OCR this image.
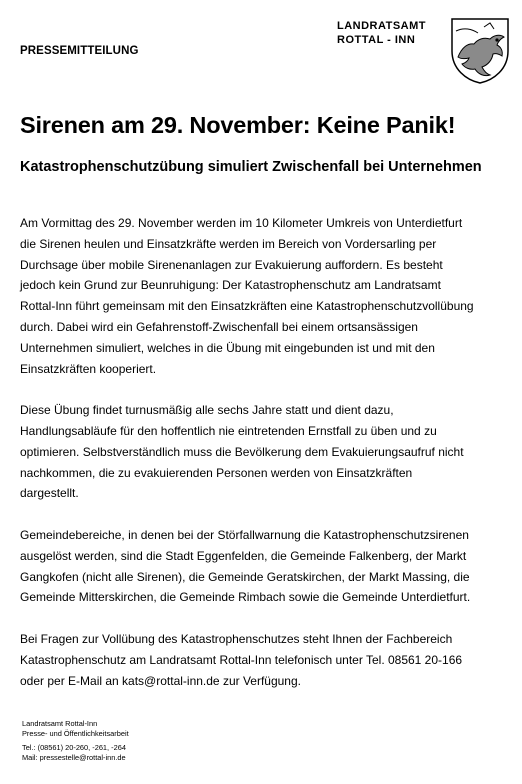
PRESSEMITTEILUNG
LANDRATSAMT
ROTTAL - INN
Sirenen am 29. November: Keine Panik!
Katastrophenschutzübung simuliert Zwischenfall bei Unternehmen

Am Vormittag des 29. November werden im 10 Kilometer Umkreis von Unterdietfurt
die Sirenen heulen und Einsatzkräfte werden im Bereich von Vordersarling per
Durchsage über mobile Sirenenanlagen zur Evakuierung auffordern. Es besteht
jedoch kein Grund zur Beunruhigung: Der Katastrophenschutz am Landratsamt
Rottal-Inn führt gemeinsam mit den Einsatzkräften eine Katastrophenschutzvollübung
durch. Dabei wird ein Gefahrenstoff-Zwischenfall bei einem ortsansässigen
Unternehmen simuliert, welches in die Übung mit eingebunden ist und mit den
Einsatzkräften kooperiert.

Diese Übung findet turnusmäßig alle sechs Jahre statt und dient dazu,
Handlungsabläufe für den hoffentlich nie eintretenden Ernstfall zu üben und zu
optimieren. Selbstverständlich muss die Bevölkerung dem Evakuierungsaufruf nicht
nachkommen, die zu evakuierenden Personen werden von Einsatzkräften
dargestellt.

Gemeindebereiche, in denen bei der Störfallwarnung die Katastrophenschutzsirenen
ausgelöst werden, sind die Stadt Eggenfelden, die Gemeinde Falkenberg, der Markt
Gangkofen (nicht alle Sirenen), die Gemeinde Geratskirchen, der Markt Massing, die
Gemeinde Mitterskirchen, die Gemeinde Rimbach sowie die Gemeinde Unterdietfurt.

Bei Fragen zur Vollübung des Katastrophenschutzes steht Ihnen der Fachbereich
Katastrophenschutz am Landratsamt Rottal-Inn telefonisch unter Tel. 08561 20-166
oder per E-Mail an kats@rottal-inn.de zur Verfügung.

Landratsamt Rottal-Inn
Presse- und Öffentlichkeitsarbeit
Tel.: (08561) 20-260, -261, -264
Mail: pressestelle@rottal-inn.de
